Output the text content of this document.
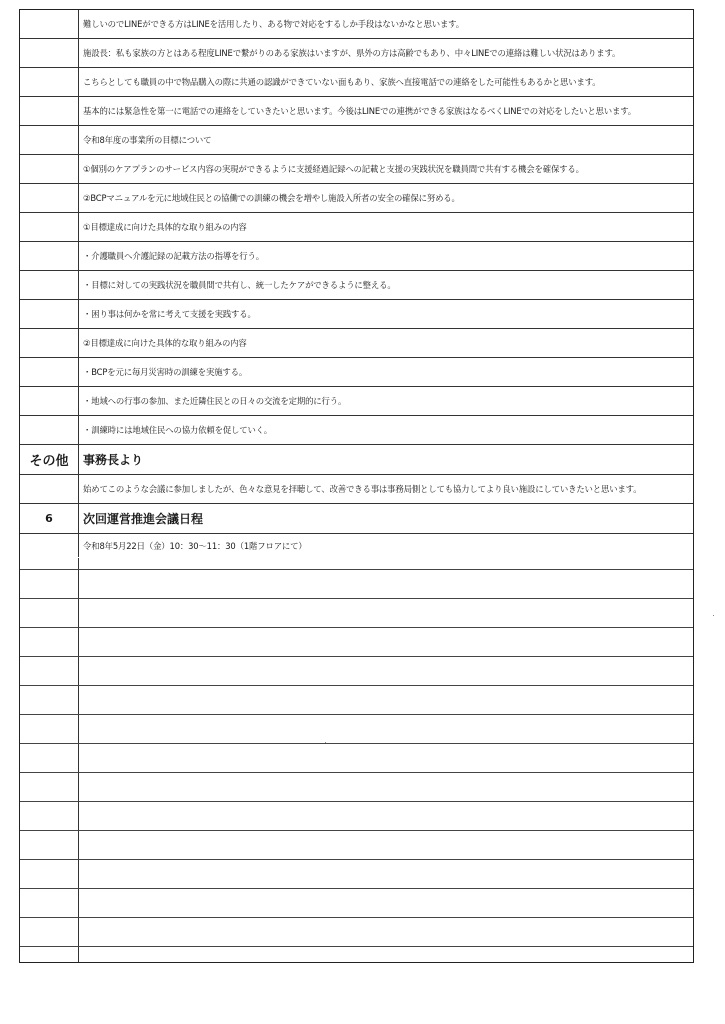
難しいのでLINEができる方はLINEを活用したり、ある物で対応をするしか手段はないかなと思います。
施設長：私も家族の方とはある程度LINEで繋がりのある家族はいますが、県外の方は高齢でもあり、中々LINEでの連絡は難しい状況はあります。
こちらとしても職員の中で物品購入の際に共通の認識ができていない面もあり、家族へ直接電話での連絡をした可能性もあるかと思います。
基本的には緊急性を第一に電話での連絡をしていきたいと思います。今後はLINEでの連携ができる家族はなるべくLINEでの対応をしたいと思います。
令和8年度の事業所の目標について
①個別のケアプランのサービス内容の実現ができるように支援経過記録への記載と支援の実践状況を職員間で共有する機会を確保する。
②BCPマニュアルを元に地域住民との協働での訓練の機会を増やし施設入所者の安全の確保に努める。
①目標達成に向けた具体的な取り組みの内容
・介護職員へ介護記録の記載方法の指導を行う。
・目標に対しての実践状況を職員間で共有し、統一したケアができるように整える。
・困り事は何かを常に考えて支援を実践する。
②目標達成に向けた具体的な取り組みの内容
・BCPを元に毎月災害時の訓練を実施する。
・地域への行事の参加、また近隣住民との日々の交流を定期的に行う。
・訓練時には地域住民への協力依頼を促していく。
その他	事務長より
始めてこのような会議に参加しましたが、色々な意見を拝聴して、改善できる事は事務局側としても協力してより良い施設にしていきたいと思います。
6	次回運営推進会議日程
令和8年5月22日（金）10：30～11：30（1階フロアにて）
